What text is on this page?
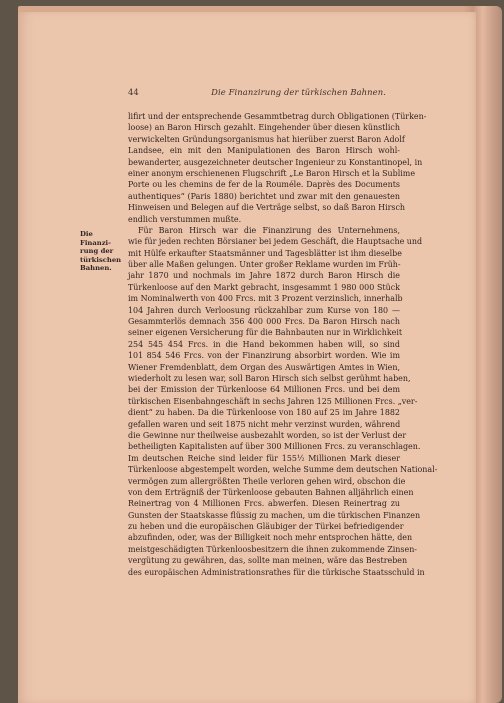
44	Die Finanzirung der türkischen Bahnen.
Die Finanzi-
rung der
türkischen
Bahnen.
lifirt und der entsprechende Gesammtbetrag durch Obligationen (Türken-
loose) an Baron Hirsch gezahlt. Eingehender über diesen künstlich
verwickelten Gründungsorganismus hat hierüber zuerst Baron Adolf
Landsee, ein mit den Manipulationen des Baron Hirsch wohl-
bewanderter, ausgezeichneter deutscher Ingenieur zu Konstantinopel, in
einer anonym erschienenen Flugschrift „Le Baron Hirsch et la Sublime
Porte ou les chemins de fer de la Rouméle. Daprès des Documents
authentiques“ (Paris 1880) berichtet und zwar mit den genauesten
Hinweisen und Belegen auf die Verträge selbst, so daß Baron Hirsch
endlich verstummen mußte.
Für Baron Hirsch war die Finanzirung des Unternehmens,
wie für jeden rechten Börsianer bei jedem Geschäft, die Hauptsache und
mit Hülfe erkaufter Staatsmänner und Tagesblätter ist ihm dieselbe
über alle Maßen gelungen. Unter großer Reklame wurden im Früh-
jahr 1870 und nochmals im Jahre 1872 durch Baron Hirsch die
Türkenloose auf den Markt gebracht, insgesammt 1 980 000 Stück
im Nominalwerth von 400 Frcs. mit 3 Prozent verzinslich, innerhalb
104 Jahren durch Verloosung rückzahlbar zum Kurse von 180 —
Gesammterlös demnach 356 400 000 Frcs. Da Baron Hirsch nach
seiner eigenen Versicherung für die Bahnbauten nur in Wirklichkeit
254 545 454 Frcs. in die Hand bekommen haben will, so sind
101 854 546 Frcs. von der Finanzirung absorbirt worden. Wie im
Wiener Fremdenblatt, dem Organ des Auswärtigen Amtes in Wien,
wiederholt zu lesen war, soll Baron Hirsch sich selbst gerühmt haben,
bei der Emission der Türkenloose 64 Millionen Frcs. und bei dem
türkischen Eisenbahngeschäft in sechs Jahren 125 Millionen Frcs. „ver-
dient“ zu haben. Da die Türkenloose von 180 auf 25 im Jahre 1882
gefallen waren und seit 1875 nicht mehr verzinst wurden, während
die Gewinne nur theilweise ausbezahlt worden, so ist der Verlust der
betheiligten Kapitalisten auf über 300 Millionen Frcs. zu veranschlagen.
Im deutschen Reiche sind leider für 155½ Millionen Mark dieser
Türkenloose abgestempelt worden, welche Summe dem deutschen National-
vermögen zum allergrößten Theile verloren gehen wird, obschon die
von dem Erträgniß der Türkenloose gebauten Bahnen alljährlich einen
Reinertrag von 4 Millionen Frcs. abwerfen. Diesen Reinertrag zu
Gunsten der Staatskasse flüssig zu machen, um die türkischen Finanzen
zu heben und die europäischen Gläubiger der Türkei befriedigender
abzufinden, oder, was der Billigkeit noch mehr entsprochen hätte, den
meistgeschädigten Türkenloosbesitzern die ihnen zukommende Zinsen-
vergütung zu gewähren, das, sollte man meinen, wäre das Bestreben
des europäischen Administrationsrathes für die türkische Staatsschuld in
